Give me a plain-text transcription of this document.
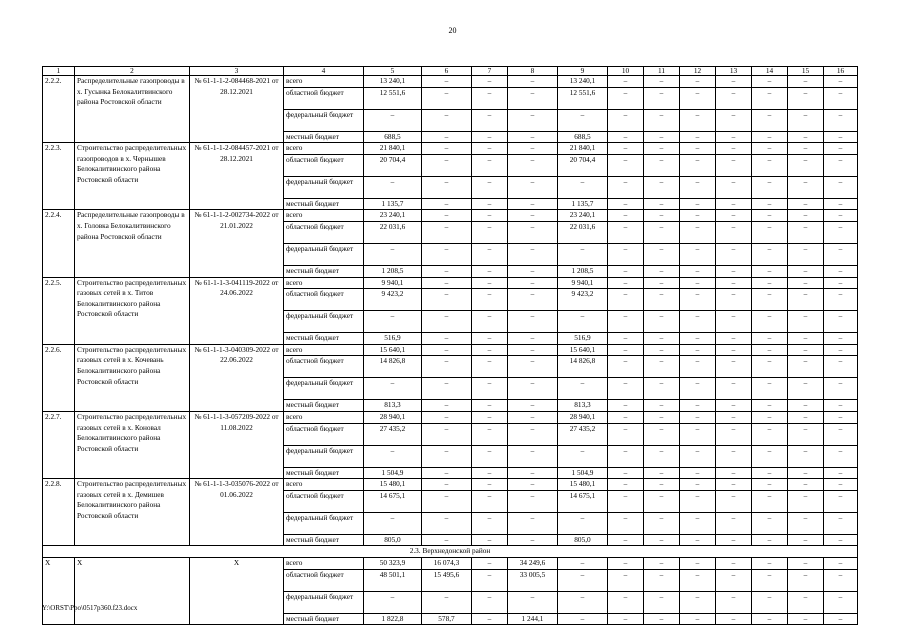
20
1	2	3	4	5	6	7	8	9	10	11	12	13	14	15	16
2.2.2.	Распределительные газопроводы в х. Гусынка Белокалитвинского района Ростовской области	№ 61-1-1-2-084468-2021 от 28.12.2021	всего	13 240,1	–	–	–	13 240,1	–	–	–	–	–	–	–
			областной бюджет	12 551,6	–	–	–	12 551,6	–	–	–	–	–	–	–
			федеральный бюджет	–	–	–	–	–	–	–	–	–	–	–	–
			местный бюджет	688,5	–	–	–	688,5	–	–	–	–	–	–	–
2.2.3.	Строительство распределительных газопроводов в х. Чернышев Белокалитвинского района Ростовской области	№ 61-1-1-2-084457-2021 от 28.12.2021	всего	21 840,1	–	–	–	21 840,1	–	–	–	–	–	–	–
			областной бюджет	20 704,4	–	–	–	20 704,4	–	–	–	–	–	–	–
			федеральный бюджет	–	–	–	–	–	–	–	–	–	–	–	–
			местный бюджет	1 135,7	–	–	–	1 135,7	–	–	–	–	–	–	–
2.2.4.	Распределительные газопроводы в х. Головка Белокалитвинского района Ростовской области	№ 61-1-1-2-002734-2022 от 21.01.2022	всего	23 240,1	–	–	–	23 240,1	–	–	–	–	–	–	–
			областной бюджет	22 031,6	–	–	–	22 031,6	–	–	–	–	–	–	–
			федеральный бюджет	–	–	–	–	–	–	–	–	–	–	–	–
			местный бюджет	1 208,5	–	–	–	1 208,5	–	–	–	–	–	–	–
2.2.5.	Строительство распределительных газовых сетей в х. Титов Белокалитвинского района Ростовской области	№ 61-1-1-3-041119-2022 от 24.06.2022	всего	9 940,1	–	–	–	9 940,1	–	–	–	–	–	–	–
			областной бюджет	9 423,2	–	–	–	9 423,2	–	–	–	–	–	–	–
			федеральный бюджет	–	–	–	–	–	–	–	–	–	–	–	–
			местный бюджет	516,9	–	–	–	516,9	–	–	–	–	–	–	–
2.2.6.	Строительство распределительных газовых сетей в х. Кочевань Белокалитвинского района Ростовской области	№ 61-1-1-3-040309-2022 от 22.06.2022	всего	15 640,1	–	–	–	15 640,1	–	–	–	–	–	–	–
			областной бюджет	14 826,8	–	–	–	14 826,8	–	–	–	–	–	–	–
			федеральный бюджет	–	–	–	–	–	–	–	–	–	–	–	–
			местный бюджет	813,3	–	–	–	813,3	–	–	–	–	–	–	–
2.2.7.	Строительство распределительных газовых сетей в х. Коновал Белокалитвинского района Ростовской области	№ 61-1-1-3-057209-2022 от 11.08.2022	всего	28 940,1	–	–	–	28 940,1	–	–	–	–	–	–	–
			областной бюджет	27 435,2	–	–	–	27 435,2	–	–	–	–	–	–	–
			федеральный бюджет	–	–	–	–	–	–	–	–	–	–	–	–
			местный бюджет	1 504,9	–	–	–	1 504,9	–	–	–	–	–	–	–
2.2.8.	Строительство распределительных газовых сетей в х. Демишев Белокалитвинского района Ростовской области	№ 61-1-1-3-035076-2022 от 01.06.2022	всего	15 480,1	–	–	–	15 480,1	–	–	–	–	–	–	–
			областной бюджет	14 675,1	–	–	–	14 675,1	–	–	–	–	–	–	–
			федеральный бюджет	–	–	–	–	–	–	–	–	–	–	–	–
			местный бюджет	805,0	–	–	–	805,0	–	–	–	–	–	–	–
2.3. Верхнедонской район															
X	X	X	всего	50 323,9	16 074,3	–	34 249,6	–	–	–	–	–	–	–	–
			областной бюджет	48 501,1	15 495,6	–	33 005,5	–	–	–	–	–	–	–	–
			федеральный бюджет	–	–	–	–	–	–	–	–	–	–	–	–
			местный бюджет	1 822,8	578,7	–	1 244,1	–	–	–	–	–	–	–	–
Y:\ORST\Ppo\0517p360.f23.docx
